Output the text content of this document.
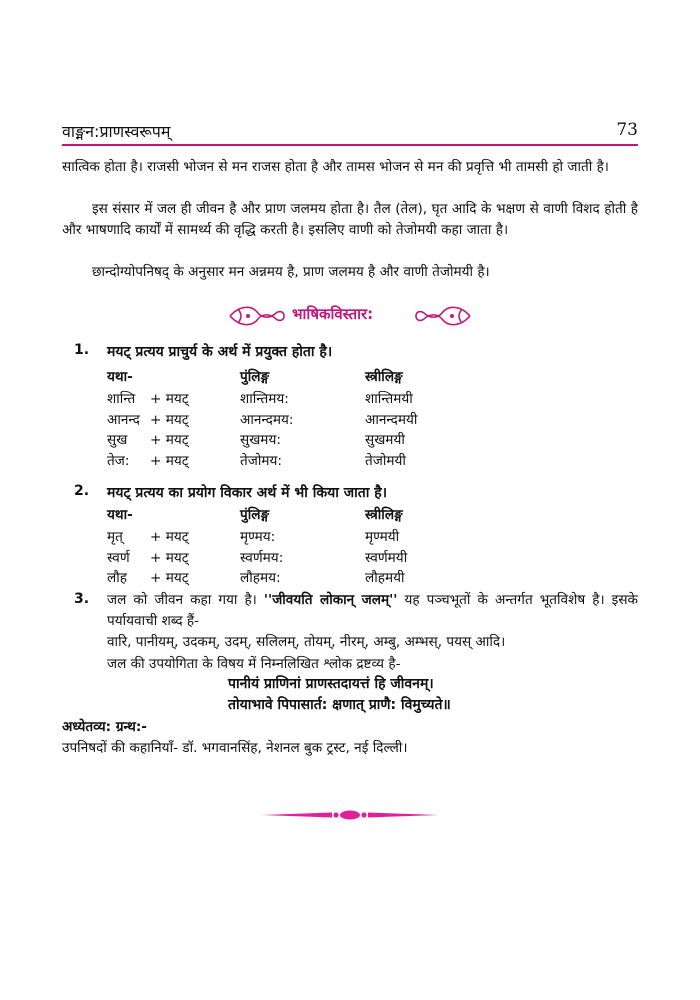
वाङ्मन:प्राणस्वरूपम्	73

सात्विक होता है। राजसी भोजन से मन राजस होता है और तामस भोजन से मन की प्रवृत्ति भी तामसी हो जाती है।

इस संसार में जल ही जीवन है और प्राण जलमय होता है। तैल (तेल), घृत आदि के भक्षण से वाणी विशद होती है और भाषणादि कार्यों में सामर्थ्य की वृद्धि करती है। इसलिए वाणी को तेजोमयी कहा जाता है।

छान्दोग्योपनिषद् के अनुसार मन अन्नमय है, प्राण जलमय है और वाणी तेजोमयी है।

भाषिकविस्तार:
1. मयट् प्रत्यय प्राचुर्य के अर्थ में प्रयुक्त होता है।
यथा-	पुंलिङ्ग	स्त्रीलिङ्ग
शान्ति + मयट्	शान्तिमय:	शान्तिमयी
आनन्द + मयट्	आनन्दमय:	आनन्दमयी
सुख + मयट्	सुखमय:	सुखमयी
तेज: + मयट्	तेजोमय:	तेजोमयी
2. मयट् प्रत्यय का प्रयोग विकार अर्थ में भी किया जाता है।
यथा-	पुंलिङ्ग	स्त्रीलिङ्ग
मृत् + मयट्	मृण्मय:	मृण्मयी
स्वर्ण + मयट्	स्वर्णमय:	स्वर्णमयी
लौह + मयट्	लौहमय:	लौहमयी
3. जल को जीवन कहा गया है। ''जीवयति लोकान् जलम्'' यह पञ्चभूतों के अन्तर्गत भूतविशेष है। इसके पर्यायवाची शब्द हैं-

वारि, पानीयम्, उदकम्, उदम्, सलिलम्, तोयम्, नीरम्, अम्बु, अम्भस्, पयस् आदि।

जल की उपयोगिता के विषय में निम्नलिखित श्लोक द्रष्टव्य है-

पानीयं प्राणिनां प्राणस्तदायत्तं हि जीवनम्।
तोयाभावे पिपासार्त: क्षणात् प्राणै: विमुच्यते॥
अध्येतव्य: ग्रन्थ:-
उपनिषदों की कहानियाँ- डॉ. भगवानसिंह, नेशनल बुक ट्रस्ट, नई दिल्ली।
